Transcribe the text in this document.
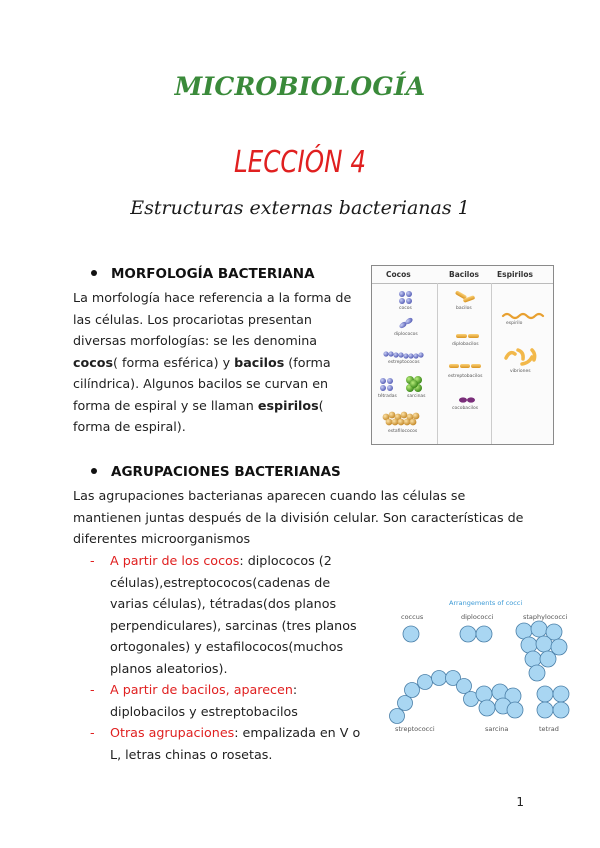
MICROBIOLOGÍA
LECCIÓN 4
Estructuras externas bacterianas 1
MORFOLOGÍA BACTERIANA
La morfología hace referencia a la forma de las células. Los procariotas presentan diversas morfologías: se les denomina cocos( forma esférica) y bacilos (forma cilíndrica). Algunos bacilos se curvan en forma de espiral y se llaman espirilos( forma de espiral).
Cocos	Bacilos Espirilos
cocos
diplococos
estreptococos
tétradas sarcinas
estafilococos
bacilos
diplobacilos
estreptobacilos
cocobacilos
espirilo
vibriones
AGRUPACIONES BACTERIANAS
Las agrupaciones bacterianas aparecen cuando las células se mantienen juntas después de la división celular. Son características de diferentes microorganismos
- A partir de los cocos: diplococos (2 células),estreptococos(cadenas de varias células), tétradas(dos planos perpendiculares), sarcinas (tres planos ortogonales) y estafilococos(muchos planos aleatorios).
- A partir de bacilos, aparecen: diplobacilos y estreptobacilos
- Otras agrupaciones: empalizada en V o L, letras chinas o rosetas.
Arrangements of cocci
coccus	diplococci	staphylococci
streptococci	sarcina	tetrad
1
